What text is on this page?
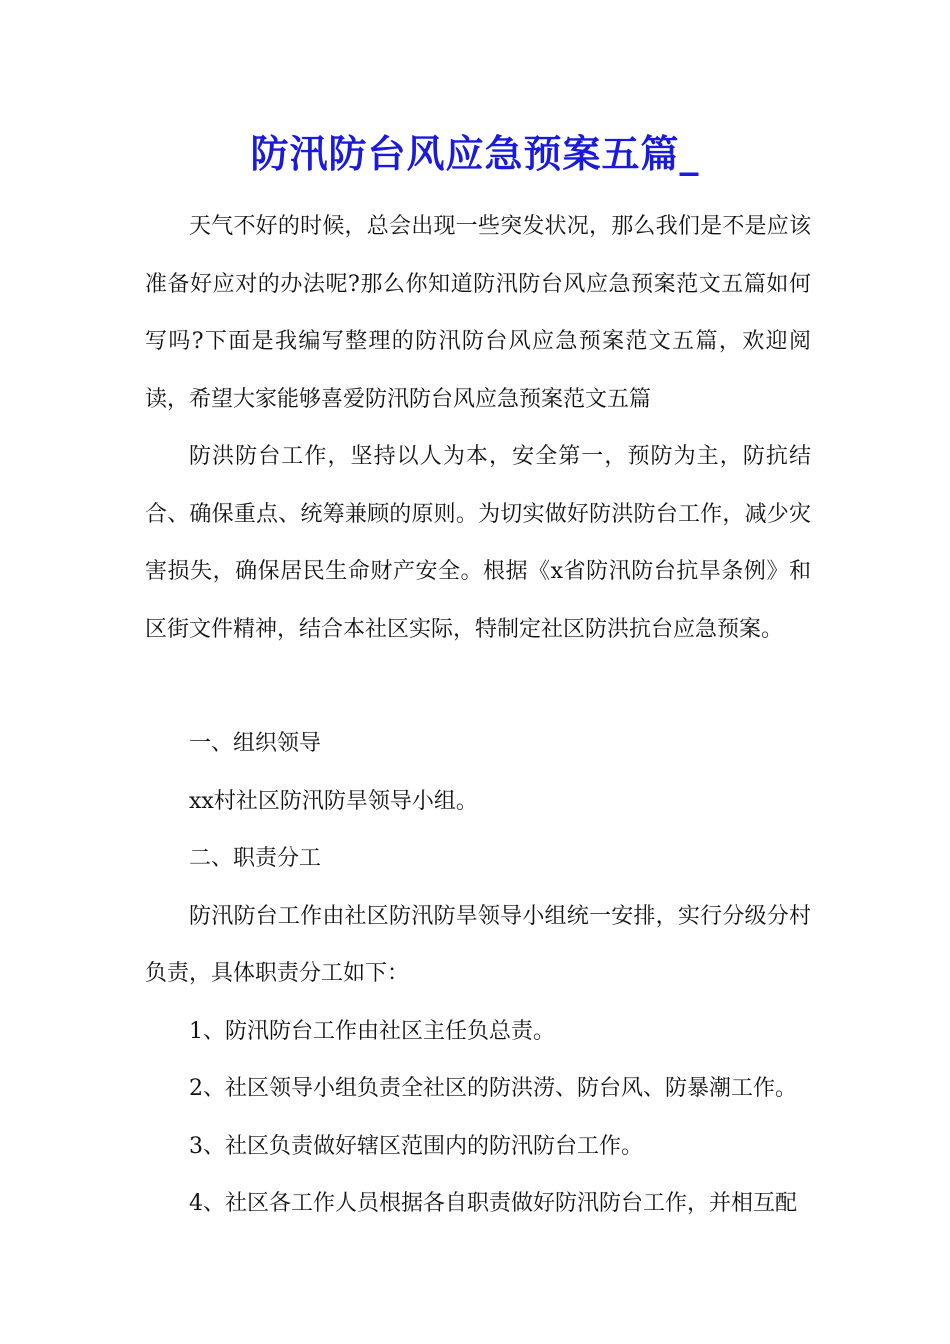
防汛防台风应急预案五篇_

天气不好的时候，总会出现一些突发状况，那么我们是不是应该准备好应对的办法呢?那么你知道防汛防台风应急预案范文五篇如何写吗?下面是我编写整理的防汛防台风应急预案范文五篇，欢迎阅读，希望大家能够喜爱防汛防台风应急预案范文五篇

防洪防台工作，坚持以人为本，安全第一，预防为主，防抗结合、确保重点、统筹兼顾的原则。为切实做好防洪防台工作，减少灾害损失，确保居民生命财产安全。根据《x省防汛防台抗旱条例》和区街文件精神，结合本社区实际，特制定社区防洪抗台应急预案。

一、组织领导

xx村社区防汛防旱领导小组。

二、职责分工

防汛防台工作由社区防汛防旱领导小组统一安排，实行分级分村负责，具体职责分工如下：

1、防汛防台工作由社区主任负总责。

2、社区领导小组负责全社区的防洪涝、防台风、防暴潮工作。

3、社区负责做好辖区范围内的防汛防台工作。

4、社区各工作人员根据各自职责做好防汛防台工作，并相互配
